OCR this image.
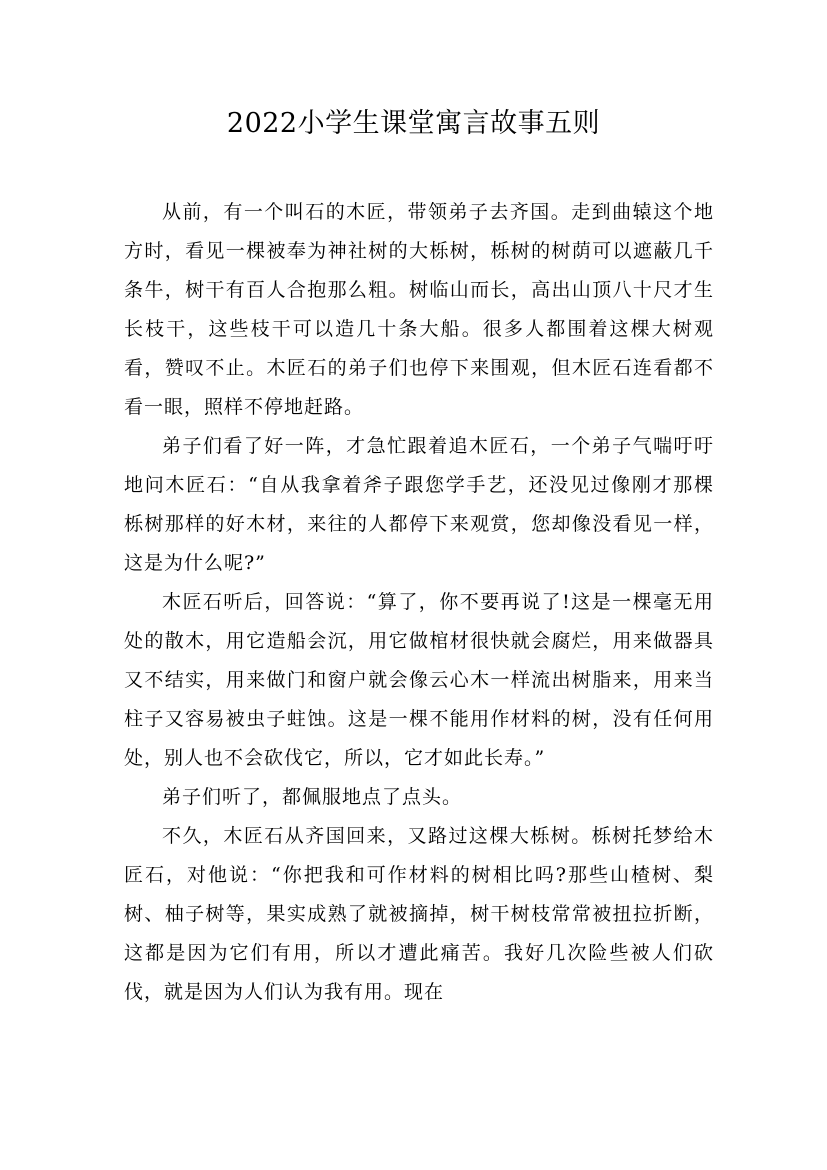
2022小学生课堂寓言故事五则

从前，有一个叫石的木匠，带领弟子去齐国。走到曲辕这个地方时，看见一棵被奉为神社树的大栎树，栎树的树荫可以遮蔽几千条牛，树干有百人合抱那么粗。树临山而长，高出山顶八十尺才生长枝干，这些枝干可以造几十条大船。很多人都围着这棵大树观看，赞叹不止。木匠石的弟子们也停下来围观，但木匠石连看都不看一眼，照样不停地赶路。

弟子们看了好一阵，才急忙跟着追木匠石，一个弟子气喘吁吁地问木匠石：“自从我拿着斧子跟您学手艺，还没见过像刚才那棵栎树那样的好木材，来往的人都停下来观赏，您却像没看见一样，这是为什么呢?”

木匠石听后，回答说：“算了，你不要再说了!这是一棵毫无用处的散木，用它造船会沉，用它做棺材很快就会腐烂，用来做器具又不结实，用来做门和窗户就会像云心木一样流出树脂来，用来当柱子又容易被虫子蛀蚀。这是一棵不能用作材料的树，没有任何用处，别人也不会砍伐它，所以，它才如此长寿。”

弟子们听了，都佩服地点了点头。

不久，木匠石从齐国回来，又路过这棵大栎树。栎树托梦给木匠石，对他说：“你把我和可作材料的树相比吗?那些山楂树、梨树、柚子树等，果实成熟了就被摘掉，树干树枝常常被扭拉折断，这都是因为它们有用，所以才遭此痛苦。我好几次险些被人们砍伐，就是因为人们认为我有用。现在
